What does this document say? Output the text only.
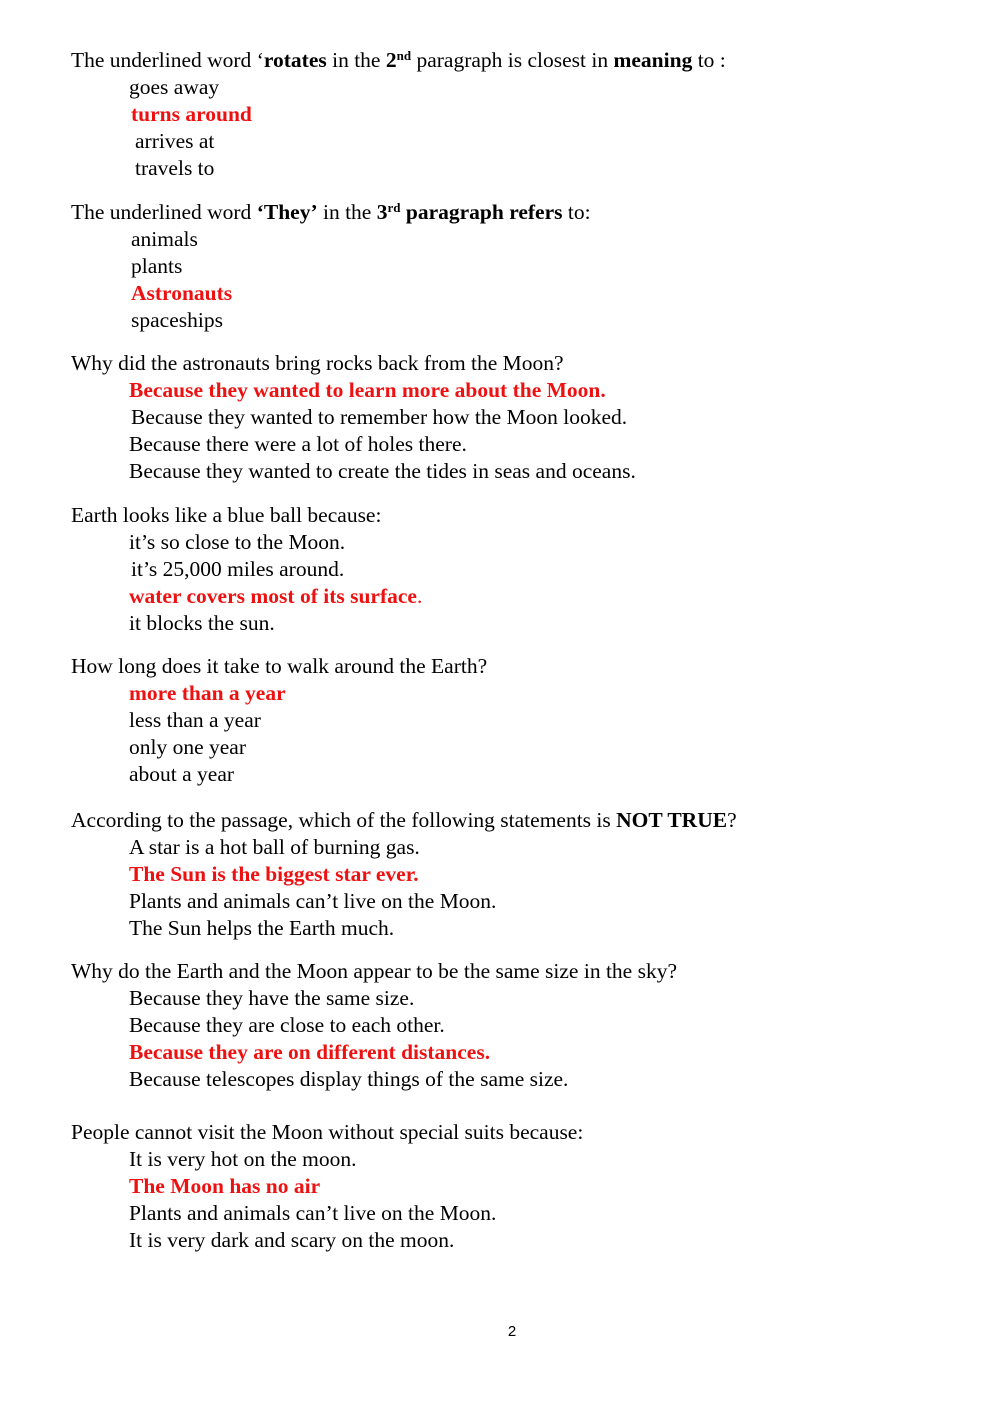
The underlined word ‘rotates in the 2nd paragraph is closest in meaning to :
goes away
turns around
arrives at
travels to
The underlined word ‘They’ in the 3rd paragraph refers to:
animals
plants
Astronauts
spaceships
Why did the astronauts bring rocks back from the Moon?
Because they wanted to learn more about the Moon.
Because they wanted to remember how the Moon looked.
Because there were a lot of holes there.
Because they wanted to create the tides in seas and oceans.
Earth looks like a blue ball because:
it’s so close to the Moon.
it’s 25,000 miles around.
water covers most of its surface.
it blocks the sun.
How long does it take to walk around the Earth?
more than a year
less than a year
only one year
about a year
According to the passage, which of the following statements is NOT TRUE?
A star is a hot ball of burning gas.
The Sun is the biggest star ever.
Plants and animals can’t live on the Moon.
The Sun helps the Earth much.
Why do the Earth and the Moon appear to be the same size in the sky?
Because they have the same size.
Because they are close to each other.
Because they are on different distances.
Because telescopes display things of the same size.
People cannot visit the Moon without special suits because:
It is very hot on the moon.
The Moon has no air
Plants and animals can’t live on the Moon.
It is very dark and scary on the moon.
2
